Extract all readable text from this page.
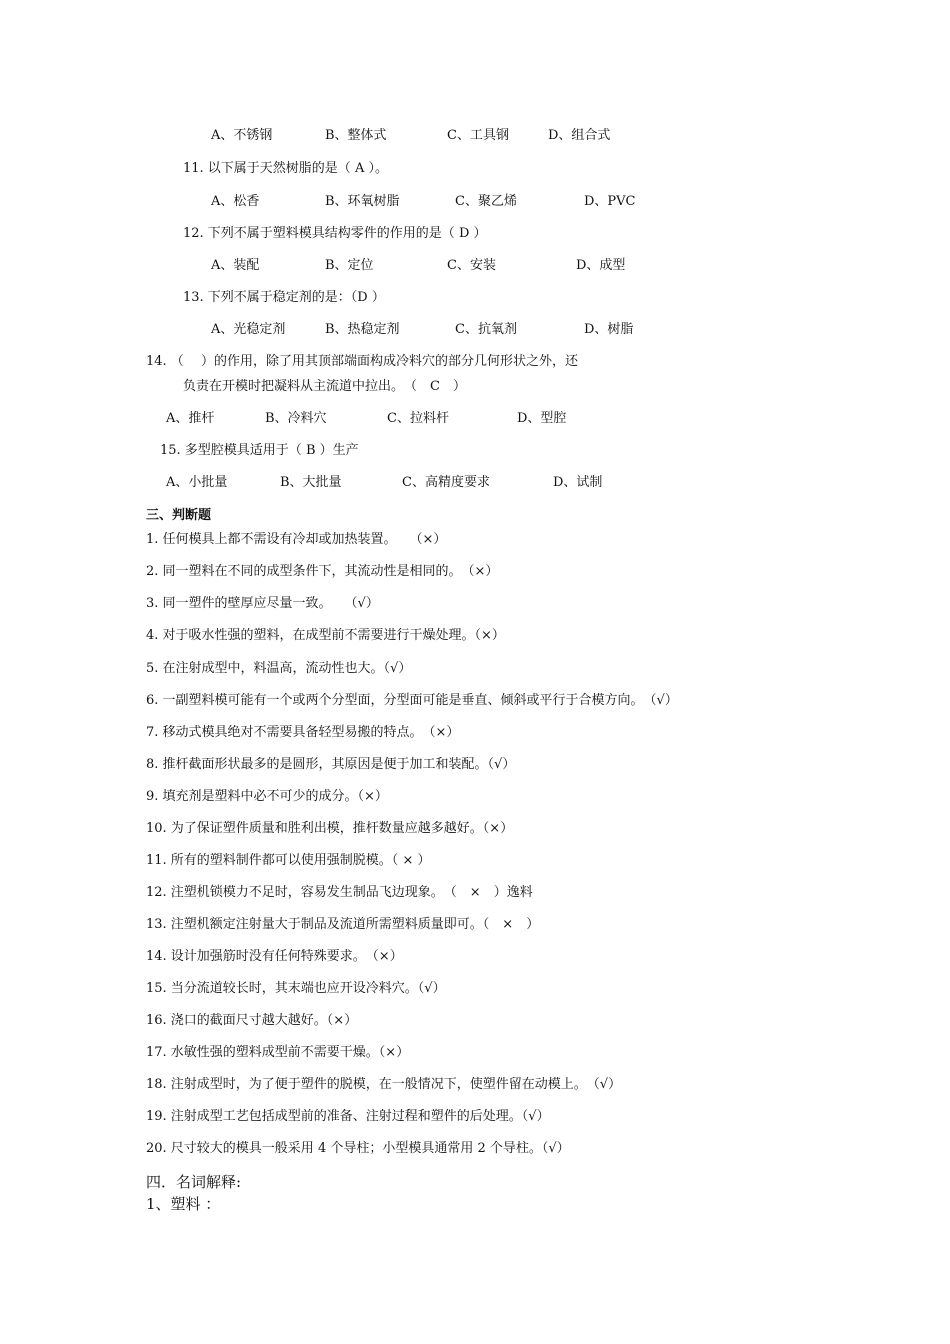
A、不锈钢	B、整体式	C、工具钢	D、组合式
11. 以下属于天然树脂的是（ A ）。
A、松香	B、环氧树脂	C、聚乙烯	D、PVC
12. 下列不属于塑料模具结构零件的作用的是（ D ）
A、装配	B、定位	C、安装	D、成型
13. 下列不属于稳定剂的是：（D ）
A、光稳定剂	B、热稳定剂	C、抗氧剂	D、树脂
14. （　 ）的作用，除了用其顶部端面构成冷料穴的部分几何形状之外，还
负责在开模时把凝料从主流道中拉出。　（　C　）
A、推杆	B、冷料穴	C、拉料杆	D、型腔
15. 多型腔模具适用于（ B ）生产
A、小批量	B、大批量	C、高精度要求	D、试制
三、判断题
1. 任何模具上都不需设有冷却或加热装置。　　（×）
2. 同一塑料在不同的成型条件下，其流动性是相同的。　（×）
3. 同一塑件的壁厚应尽量一致。　　（√）
4. 对于吸水性强的塑料，在成型前不需要进行干燥处理。（×）
5. 在注射成型中，料温高，流动性也大。（√）
6. 一副塑料模可能有一个或两个分型面，分型面可能是垂直、倾斜或平行于合模方向。　（√）
7. 移动式模具绝对不需要具备轻型易搬的特点。　（×）
8. 推杆截面形状最多的是圆形，其原因是便于加工和装配。（√）
9. 填充剂是塑料中必不可少的成分。（×）
10. 为了保证塑件质量和胜利出模，推杆数量应越多越好。（×）
11. 所有的塑料制件都可以使用强制脱模。（ × ）
12. 注塑机锁模力不足时，容易发生制品飞边现象。　（　×　）逸料
13. 注塑机额定注射量大于制品及流道所需塑料质量即可。（　×　）
14. 设计加强筋时没有任何特殊要求。　（×）
15. 当分流道较长时，其末端也应开设冷料穴。（√）
16. 浇口的截面尺寸越大越好。（×）
17. 水敏性强的塑料成型前不需要干燥。（×）
18. 注射成型时，为了便于塑件的脱模，在一般情况下，使塑件留在动模上。　（√）
19. 注射成型工艺包括成型前的准备、注射过程和塑件的后处理。（√）
20. 尺寸较大的模具一般采用 4 个导柱；小型模具通常用 2 个导柱。（√）
四．名词解释:
1、塑料 ：
